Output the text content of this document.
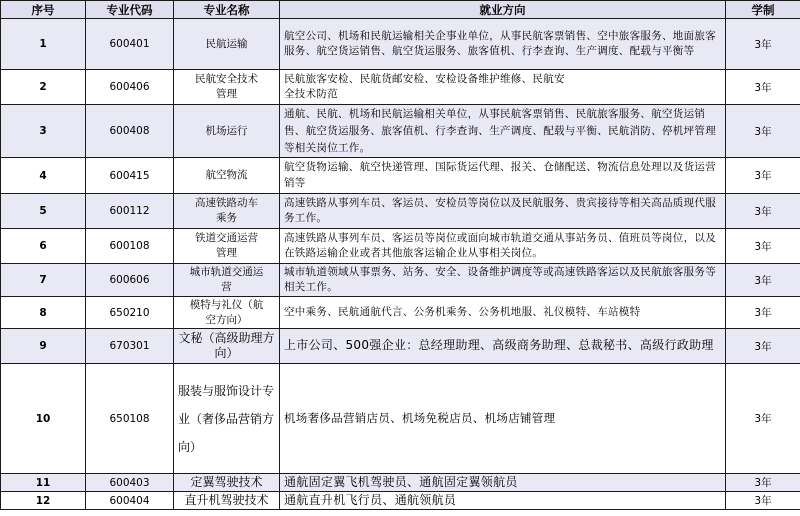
序号	专业代码	专业名称	就业方向	学制
1	600401	民航运输	航空公司、机场和民航运输相关企事业单位，从事民航客票销售、空中旅客服务、地面旅客服务、航空货运销售、航空货运服务、旅客值机、行李查询、生产调度、配载与平衡等	3年
2	600406	民航安全技术管理	民航旅客安检、民航货邮安检、安检设备维护维修、民航安全技术防范	3年
3	600408	机场运行	通航、民航、机场和民航运输相关单位，从事民航客票销售、民航旅客服务、航空货运销售、航空货运服务、旅客值机、行李查询、生产调度、配载与平衡、民航消防、停机坪管理等相关岗位工作。	3年
4	600415	航空物流	航空货物运输、航空快递管理、国际货运代理、报关、仓储配送、物流信息处理以及货运营销等	3年
5	600112	高速铁路动车乘务	高速铁路从事列车员、客运员、安检员等岗位以及民航服务、贵宾接待等相关高品质现代服务工作。	3年
6	600108	铁道交通运营管理	高速铁路从事列车员、客运员等岗位或面向城市轨道交通从事站务员、值班员等岗位，以及在铁路运输企业或者其他旅客运输企业从事相关岗位。	3年
7	600606	城市轨道交通运营	城市轨道领域从事票务、站务、安全、设备维护调度等或高速铁路客运以及民航旅客服务等相关工作。	3年
8	650210	模特与礼仪（航空方向）	空中乘务、民航通航代言、公务机乘务、公务机地服、礼仪模特、车站模特	3年
9	670301	文秘（高级助理方向）	上市公司、500强企业：总经理助理、高级商务助理、总裁秘书、高级行政助理	3年
10	650108	服装与服饰设计专业（奢侈品营销方向）	机场奢侈品营销店员、机场免税店员、机场店铺管理	3年
11	600403	定翼驾驶技术	通航固定翼飞机驾驶员、通航固定翼领航员	3年
12	600404	直升机驾驶技术	通航直升机飞行员、通航领航员	3年
